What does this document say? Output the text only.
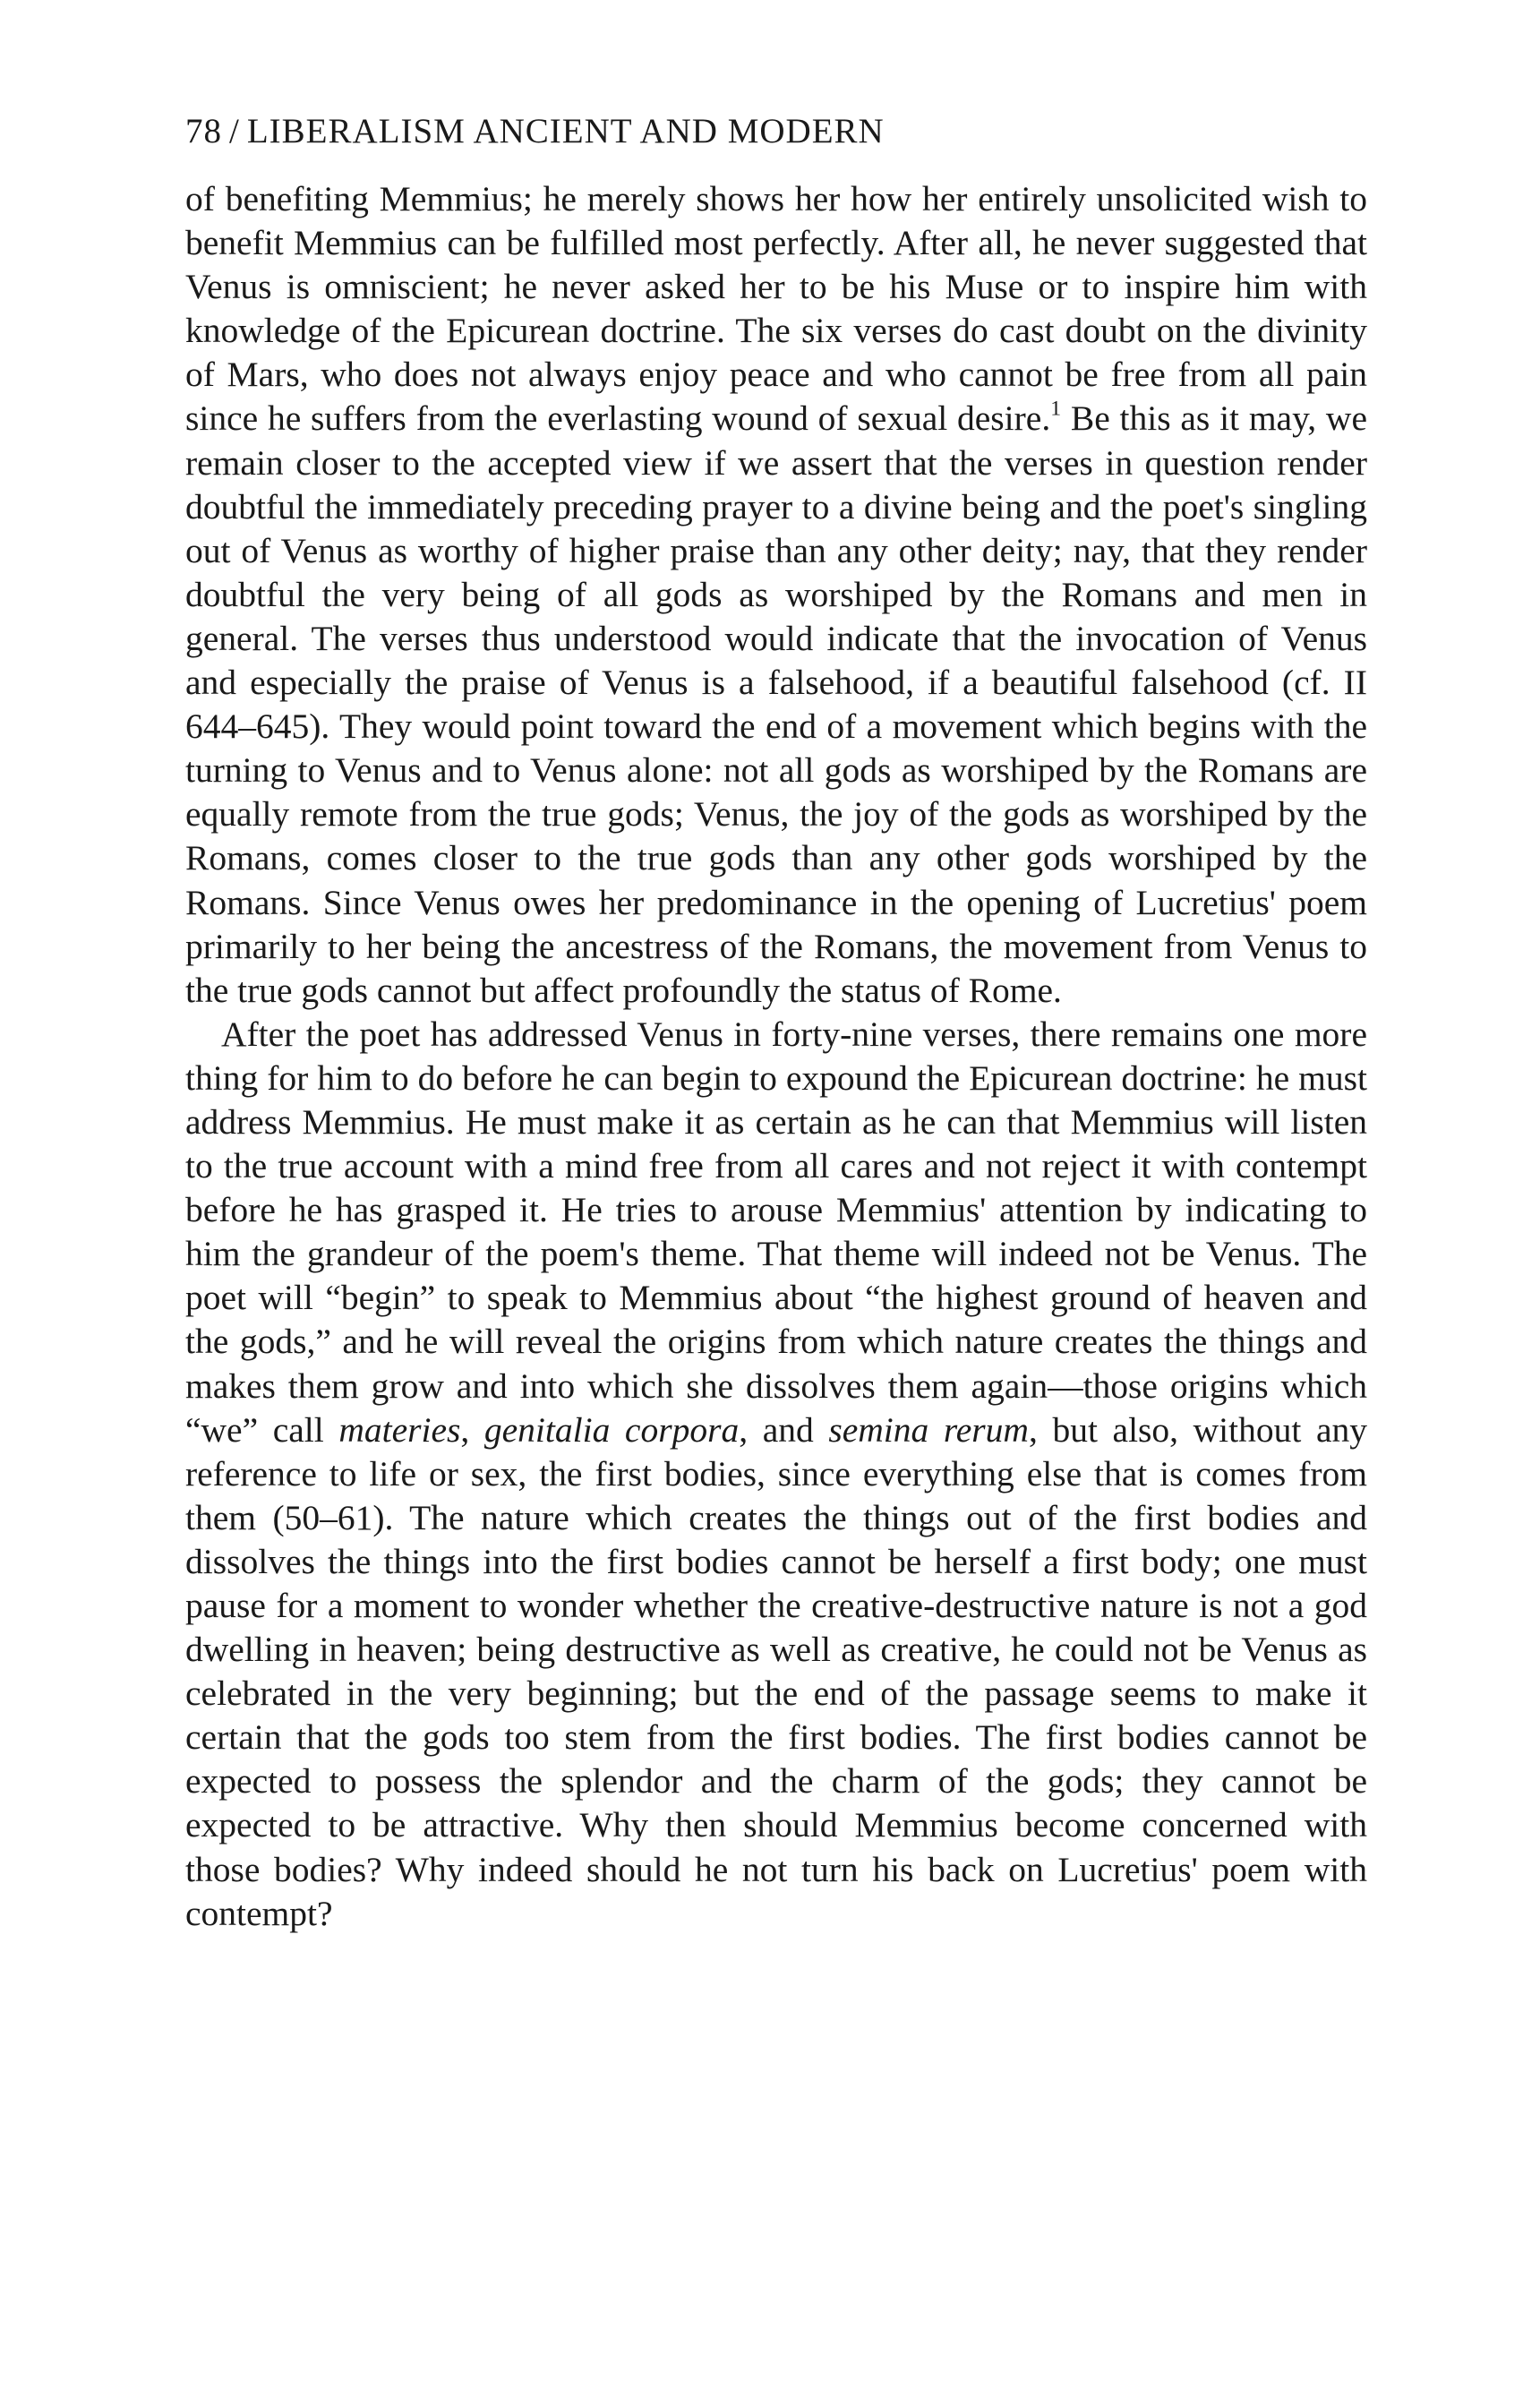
78 / LIBERALISM ANCIENT AND MODERN

of benefiting Memmius; he merely shows her how her entirely unsolicited wish to benefit Memmius can be fulfilled most perfectly. After all, he never suggested that Venus is omniscient; he never asked her to be his Muse or to inspire him with knowledge of the Epicurean doctrine. The six verses do cast doubt on the divinity of Mars, who does not always enjoy peace and who cannot be free from all pain since he suffers from the everlasting wound of sexual desire.$^1$ Be this as it may, we remain closer to the accepted view if we assert that the verses in question render doubtful the immediately preceding prayer to a divine being and the poet's singling out of Venus as worthy of higher praise than any other deity; nay, that they render doubtful the very being of all gods as worshiped by the Romans and men in general. The verses thus understood would indicate that the invocation of Venus and especially the praise of Venus is a falsehood, if a beautiful falsehood (cf. II 644–645). They would point toward the end of a movement which begins with the turning to Venus and to Venus alone: not all gods as worshiped by the Romans are equally remote from the true gods; Venus, the joy of the gods as worshiped by the Romans, comes closer to the true gods than any other gods worshiped by the Romans. Since Venus owes her predominance in the opening of Lucretius' poem primarily to her being the ancestress of the Romans, the movement from Venus to the true gods cannot but affect profoundly the status of Rome.

After the poet has addressed Venus in forty-nine verses, there remains one more thing for him to do before he can begin to expound the Epicurean doctrine: he must address Memmius. He must make it as certain as he can that Memmius will listen to the true account with a mind free from all cares and not reject it with contempt before he has grasped it. He tries to arouse Memmius' attention by indicating to him the grandeur of the poem's theme. That theme will indeed not be Venus. The poet will “begin” to speak to Memmius about “the highest ground of heaven and the gods,” and he will reveal the origins from which nature creates the things and makes them grow and into which she dissolves them again—those origins which “we” call materies, genitalia corpora, and semina rerum, but also, without any reference to life or sex, the first bodies, since everything else that is comes from them (50–61). The nature which creates the things out of the first bodies and dissolves the things into the first bodies cannot be herself a first body; one must pause for a moment to wonder whether the creative-destructive nature is not a god dwelling in heaven; being destructive as well as creative, he could not be Venus as celebrated in the very beginning; but the end of the passage seems to make it certain that the gods too stem from the first bodies. The first bodies cannot be expected to possess the splendor and the charm of the gods; they cannot be expected to be attractive. Why then should Memmius become concerned with those bodies? Why indeed should he not turn his back on Lucretius' poem with contempt?
